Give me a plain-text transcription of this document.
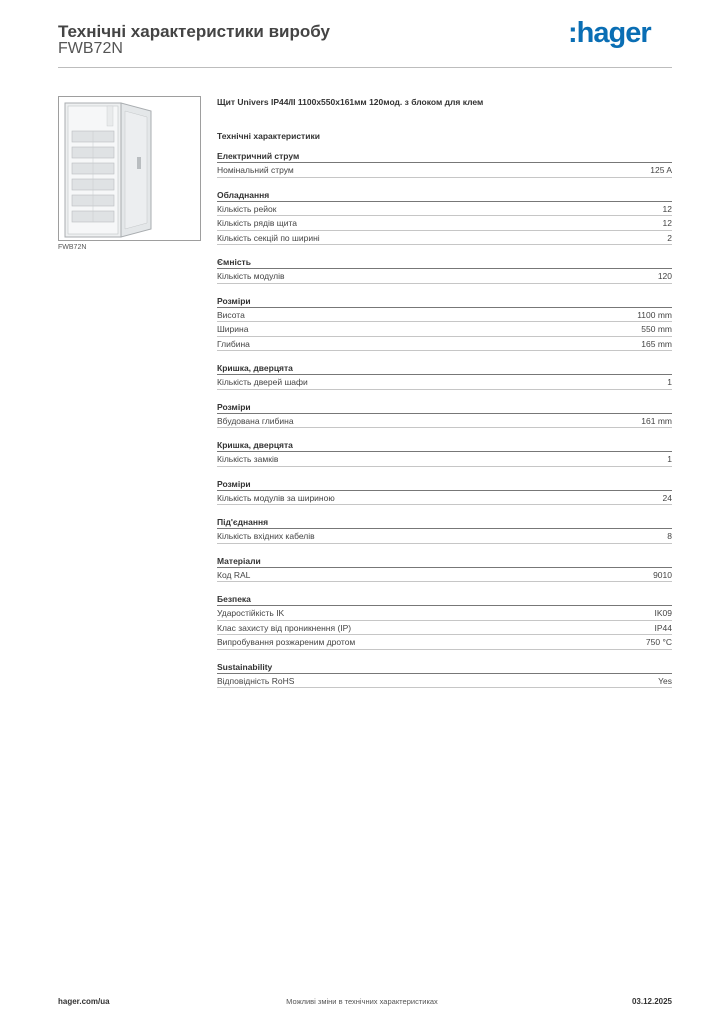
Технічні характеристики виробу
FWB72N	:hager
FWB72N
Щит Univers IP44/II 1100x550x161мм 120мод. з блоком для клем
Технічні характеристики
Електричний струм
Номінальний струм	125 A
Обладнання
Кількість рейок	12
Кількість рядів щита	12
Кількість секцій по ширині	2
Ємність
Кількість модулів	120
Розміри
Висота	1100 mm
Ширина	550 mm
Глибина	165 mm
Кришка, дверцята
Кількість дверей шафи	1
Розміри
Вбудована глибина	161 mm
Кришка, дверцята
Кількість замків	1
Розміри
Кількість модулів за шириною	24
Під'єднання
Кількість вхідних кабелів	8
Матеріали
Код RAL	9010
Безпека
Ударостійкість IK	IK09
Клас захисту від проникнення (IP)	IP44
Випробування розжареним дротом	750 °C
Sustainability
Відповідність RoHS	Yes
hager.com/ua	Можливі зміни в технічних характеристиках	03.12.2025
